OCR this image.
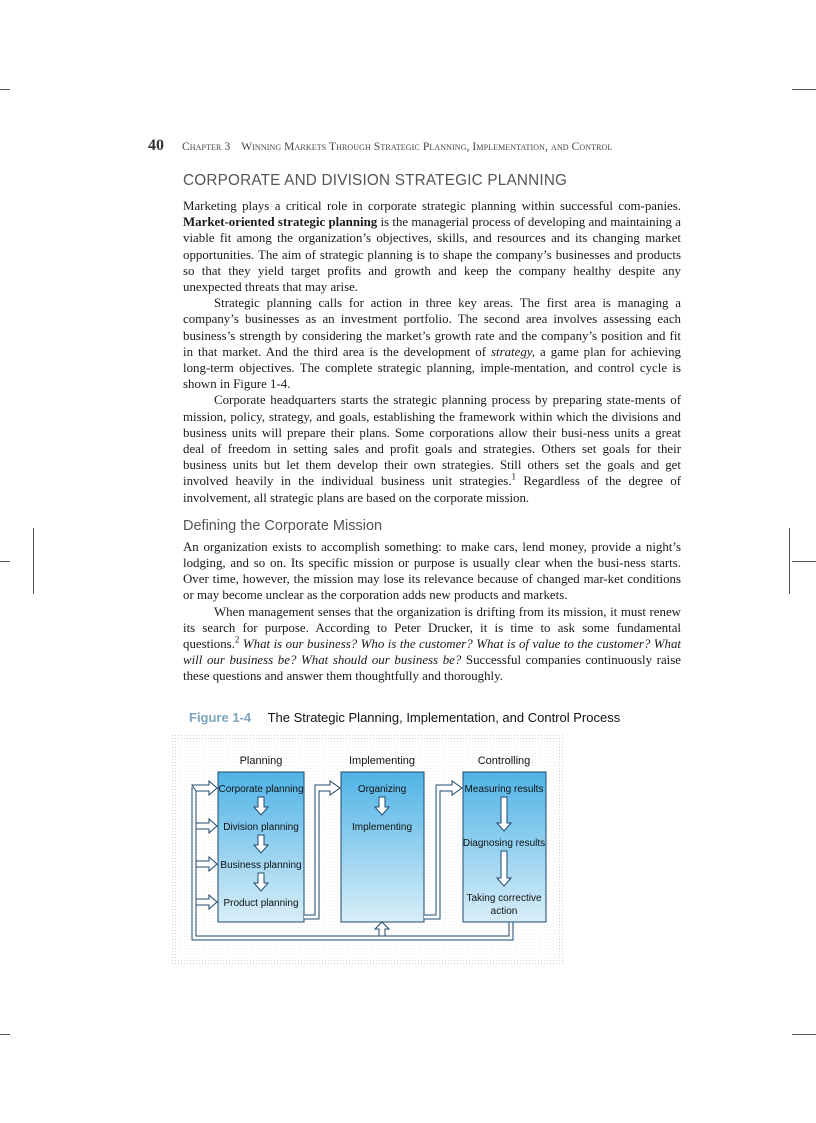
40 Chapter 3 Winning Markets Through Strategic Planning, Implementation, and Control
CORPORATE AND DIVISION STRATEGIC PLANNING

Marketing plays a critical role in corporate strategic planning within successful com-panies. Market-oriented strategic planning is the managerial process of developing and maintaining a viable fit among the organization’s objectives, skills, and resources and its changing market opportunities. The aim of strategic planning is to shape the company’s businesses and products so that they yield target profits and growth and keep the company healthy despite any unexpected threats that may arise.

Strategic planning calls for action in three key areas. The first area is managing a company’s businesses as an investment portfolio. The second area involves assessing each business’s strength by considering the market’s growth rate and the company’s position and fit in that market. And the third area is the development of strategy, a game plan for achieving long-term objectives. The complete strategic planning, imple-mentation, and control cycle is shown in Figure 1-4.

Corporate headquarters starts the strategic planning process by preparing state-ments of mission, policy, strategy, and goals, establishing the framework within which the divisions and business units will prepare their plans. Some corporations allow their busi-ness units a great deal of freedom in setting sales and profit goals and strategies. Others set goals for their business units but let them develop their own strategies. Still others set the goals and get involved heavily in the individual business unit strategies.$^1$ Regardless of the degree of involvement, all strategic plans are based on the corporate mission.

Defining the Corporate Mission

An organization exists to accomplish something: to make cars, lend money, provide a night’s lodging, and so on. Its specific mission or purpose is usually clear when the busi-ness starts. Over time, however, the mission may lose its relevance because of changed mar-ket conditions or may become unclear as the corporation adds new products and markets.

When management senses that the organization is drifting from its mission, it must renew its search for purpose. According to Peter Drucker, it is time to ask some fundamental questions.$^2$ What is our business? Who is the customer? What is of value to the customer? What will our business be? What should our business be? Successful companies continuously raise these questions and answer them thoughtfully and thoroughly.

Figure 1-4 The Strategic Planning, Implementation, and Control Process
Planning	Implementing	Controlling
Corporate planning
Division planning
Business planning
Product planning
Organizing
Implementing
Measuring results
Diagnosing results
Taking corrective
action
